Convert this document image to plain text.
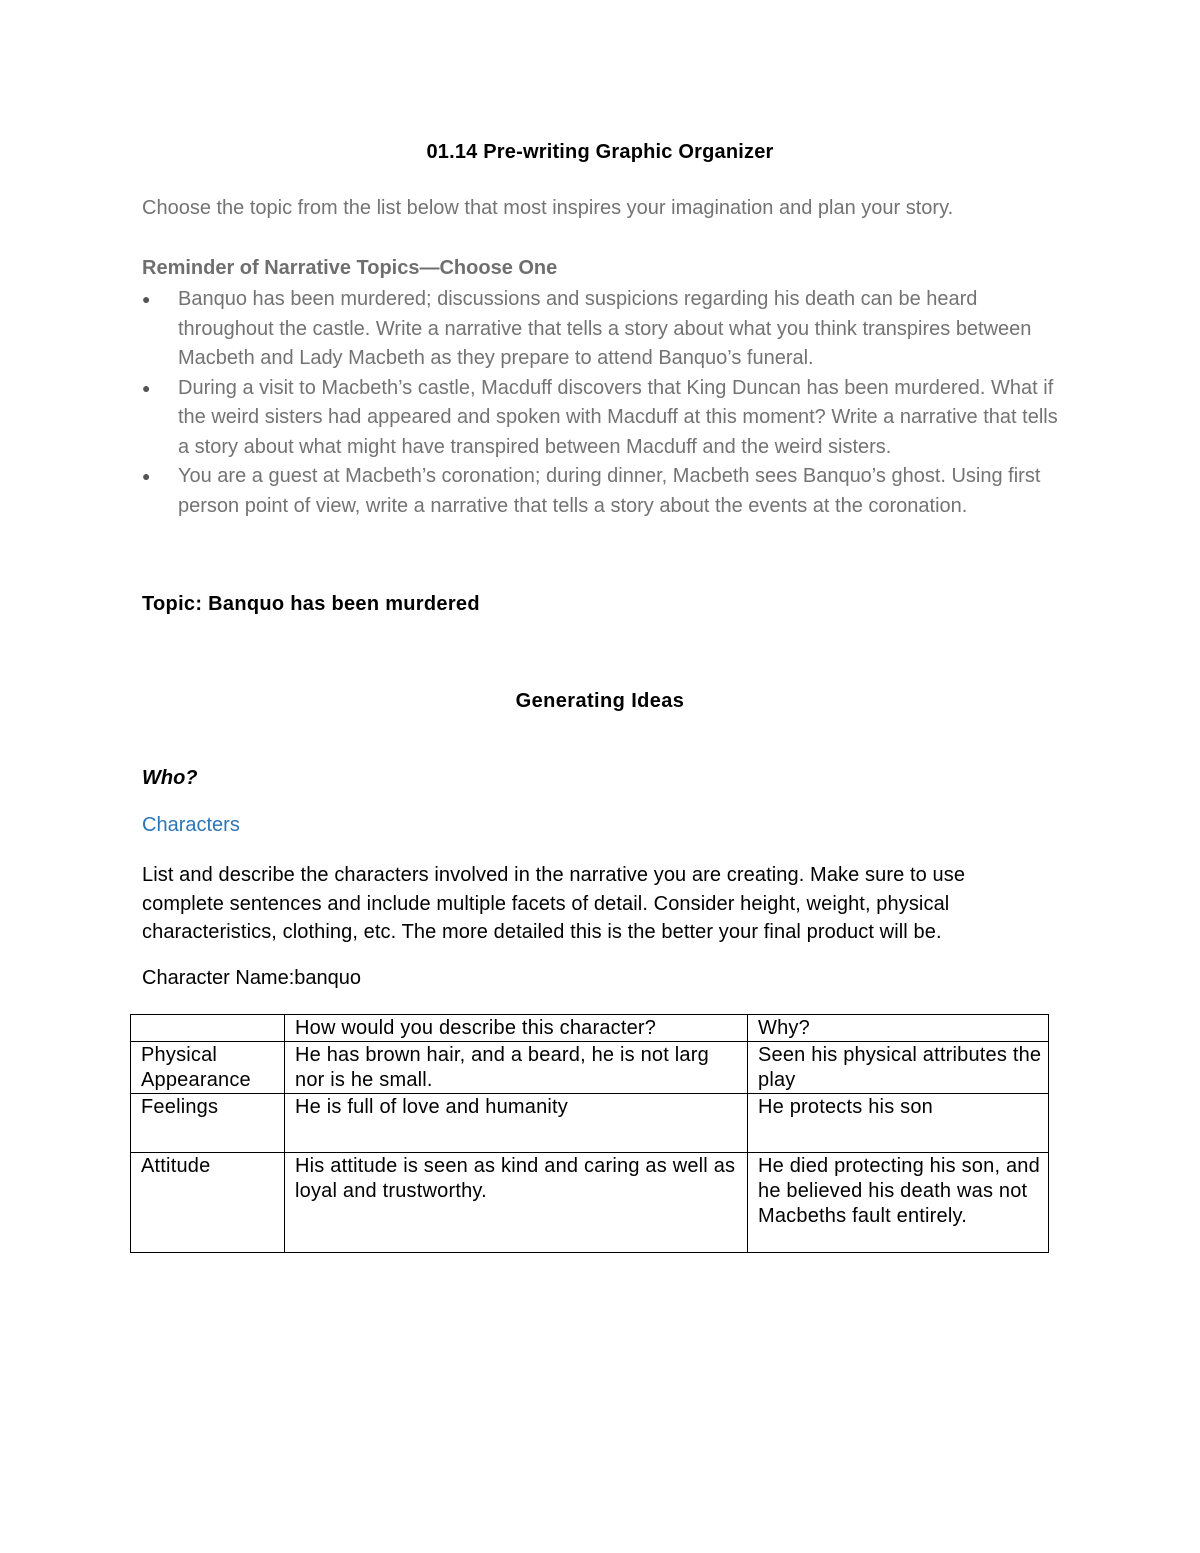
01.14 Pre-writing Graphic Organizer

Choose the topic from the list below that most inspires your imagination and plan your story.

Reminder of Narrative Topics—Choose One

●	Banquo has been murdered; discussions and suspicions regarding his death can be heard throughout the castle. Write a narrative that tells a story about what you think transpires between Macbeth and Lady Macbeth as they prepare to attend Banquo’s funeral.
●	During a visit to Macbeth’s castle, Macduff discovers that King Duncan has been murdered. What if the weird sisters had appeared and spoken with Macduff at this moment? Write a narrative that tells a story about what might have transpired between Macduff and the weird sisters.
●	You are a guest at Macbeth’s coronation; during dinner, Macbeth sees Banquo’s ghost. Using first person point of view, write a narrative that tells a story about the events at the coronation.

Topic: Banquo has been murdered

Generating Ideas

Who?

Characters

List and describe the characters involved in the narrative you are creating. Make sure to use complete sentences and include multiple facets of detail. Consider height, weight, physical characteristics, clothing, etc. The more detailed this is the better your final product will be.

Character Name:banquo

	How would you describe this character?	Why?
Physical Appearance	He has brown hair, and a beard, he is not larg nor is he small.	Seen his physical attributes the play
Feelings	He is full of love and humanity	He protects his son
Attitude	His attitude is seen as kind and caring as well as loyal and trustworthy.	He died protecting his son, and he believed his death was not Macbeths fault entirely.
